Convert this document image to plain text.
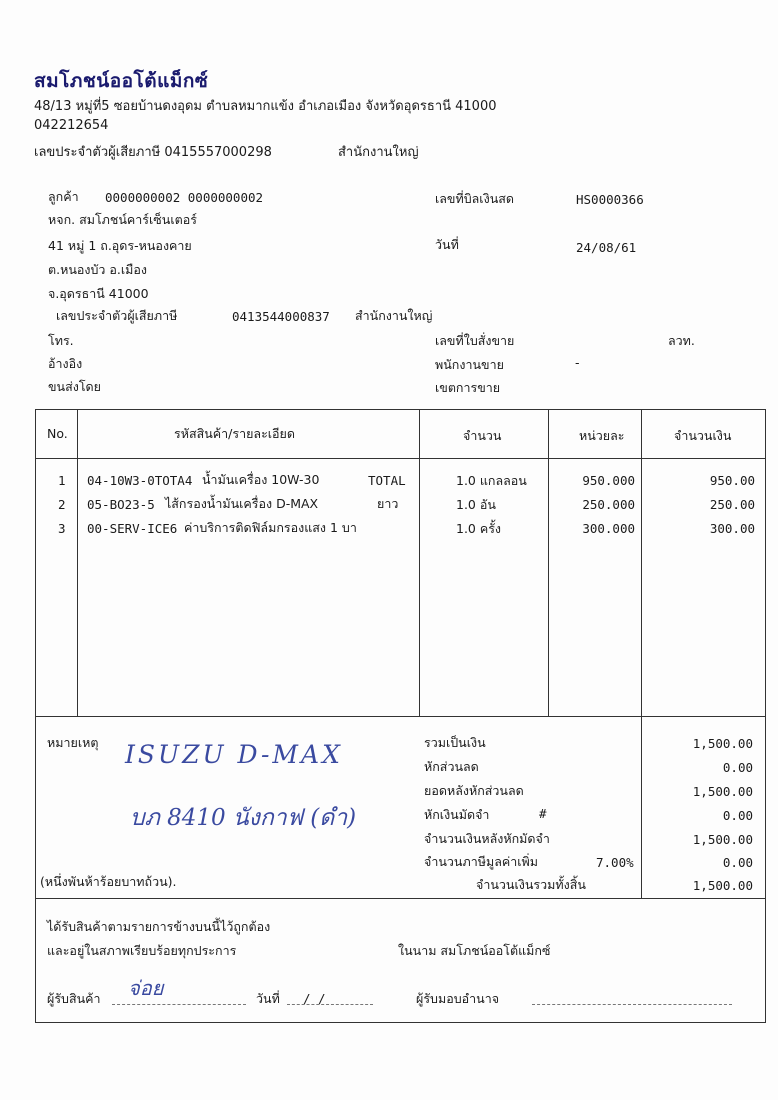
สมโภชน์ออโต้แม็กซ์
48/13 หมู่ที่5 ซอยบ้านดงอุดม ตำบลหมากแข้ง อำเภอเมือง จังหวัดอุดรธานี 41000
042212654
เลขประจำตัวผู้เสียภาษี 0415557000298	สำนักงานใหญ่
ลูกค้า 0000000002 0000000002
หจก. สมโภชน์คาร์เซ็นเตอร์
41 หมู่ 1 ถ.อุดร-หนองคาย
ต.หนองบัว อ.เมือง
จ.อุดรธานี 41000
เลขประจำตัวผู้เสียภาษี	0413544000837 สำนักงานใหญ่
โทร.
อ้างอิง
ขนส่งโดย
เลขที่บิลเงินสด	HS0000366
วันที่	24/08/61
เลขที่ใบสั่งขาย	ลวท.
พนักงานขาย	-
เขตการขาย
No.	รหัสสินค้า/รายละเอียด	จำนวน	หน่วยละ	จำนวนเงิน
1 04-10W3-0TOTA4 น้ำมันเครื่อง 10W-30	TOTAL	1.0 แกลลอน	950.000	950.00
2 05-BO23-5 ไส้กรองน้ำมันเครื่อง D-MAX	ยาว	1.0 อัน	250.000	250.00
3 00-SERV-ICE6 ค่าบริการติดฟิล์มกรองแสง 1 บา	1.0 ครั้ง	300.000	300.00
หมายเหตุ ISUZU D-MAX
บภ 8410 นังกาฟ (ดำ)
(หนึ่งพันห้าร้อยบาทถ้วน).
รวมเป็นเงิน	1,500.00
หักส่วนลด	0.00
ยอดหลังหักส่วนลด	1,500.00
หักเงินมัดจำ	#	0.00
จำนวนเงินหลังหักมัดจำ	1,500.00
จำนวนภาษีมูลค่าเพิ่ม	7.00%	0.00
จำนวนเงินรวมทั้งสิ้น	1,500.00
ได้รับสินค้าตามรายการข้างบนนี้ไว้ถูกต้อง
และอยู่ในสภาพเรียบร้อยทุกประการ	ในนาม สมโภชน์ออโต้แม็กซ์
ผู้รับสินค้า จ่อย	วันที่ / /	ผู้รับมอบอำนาจ
